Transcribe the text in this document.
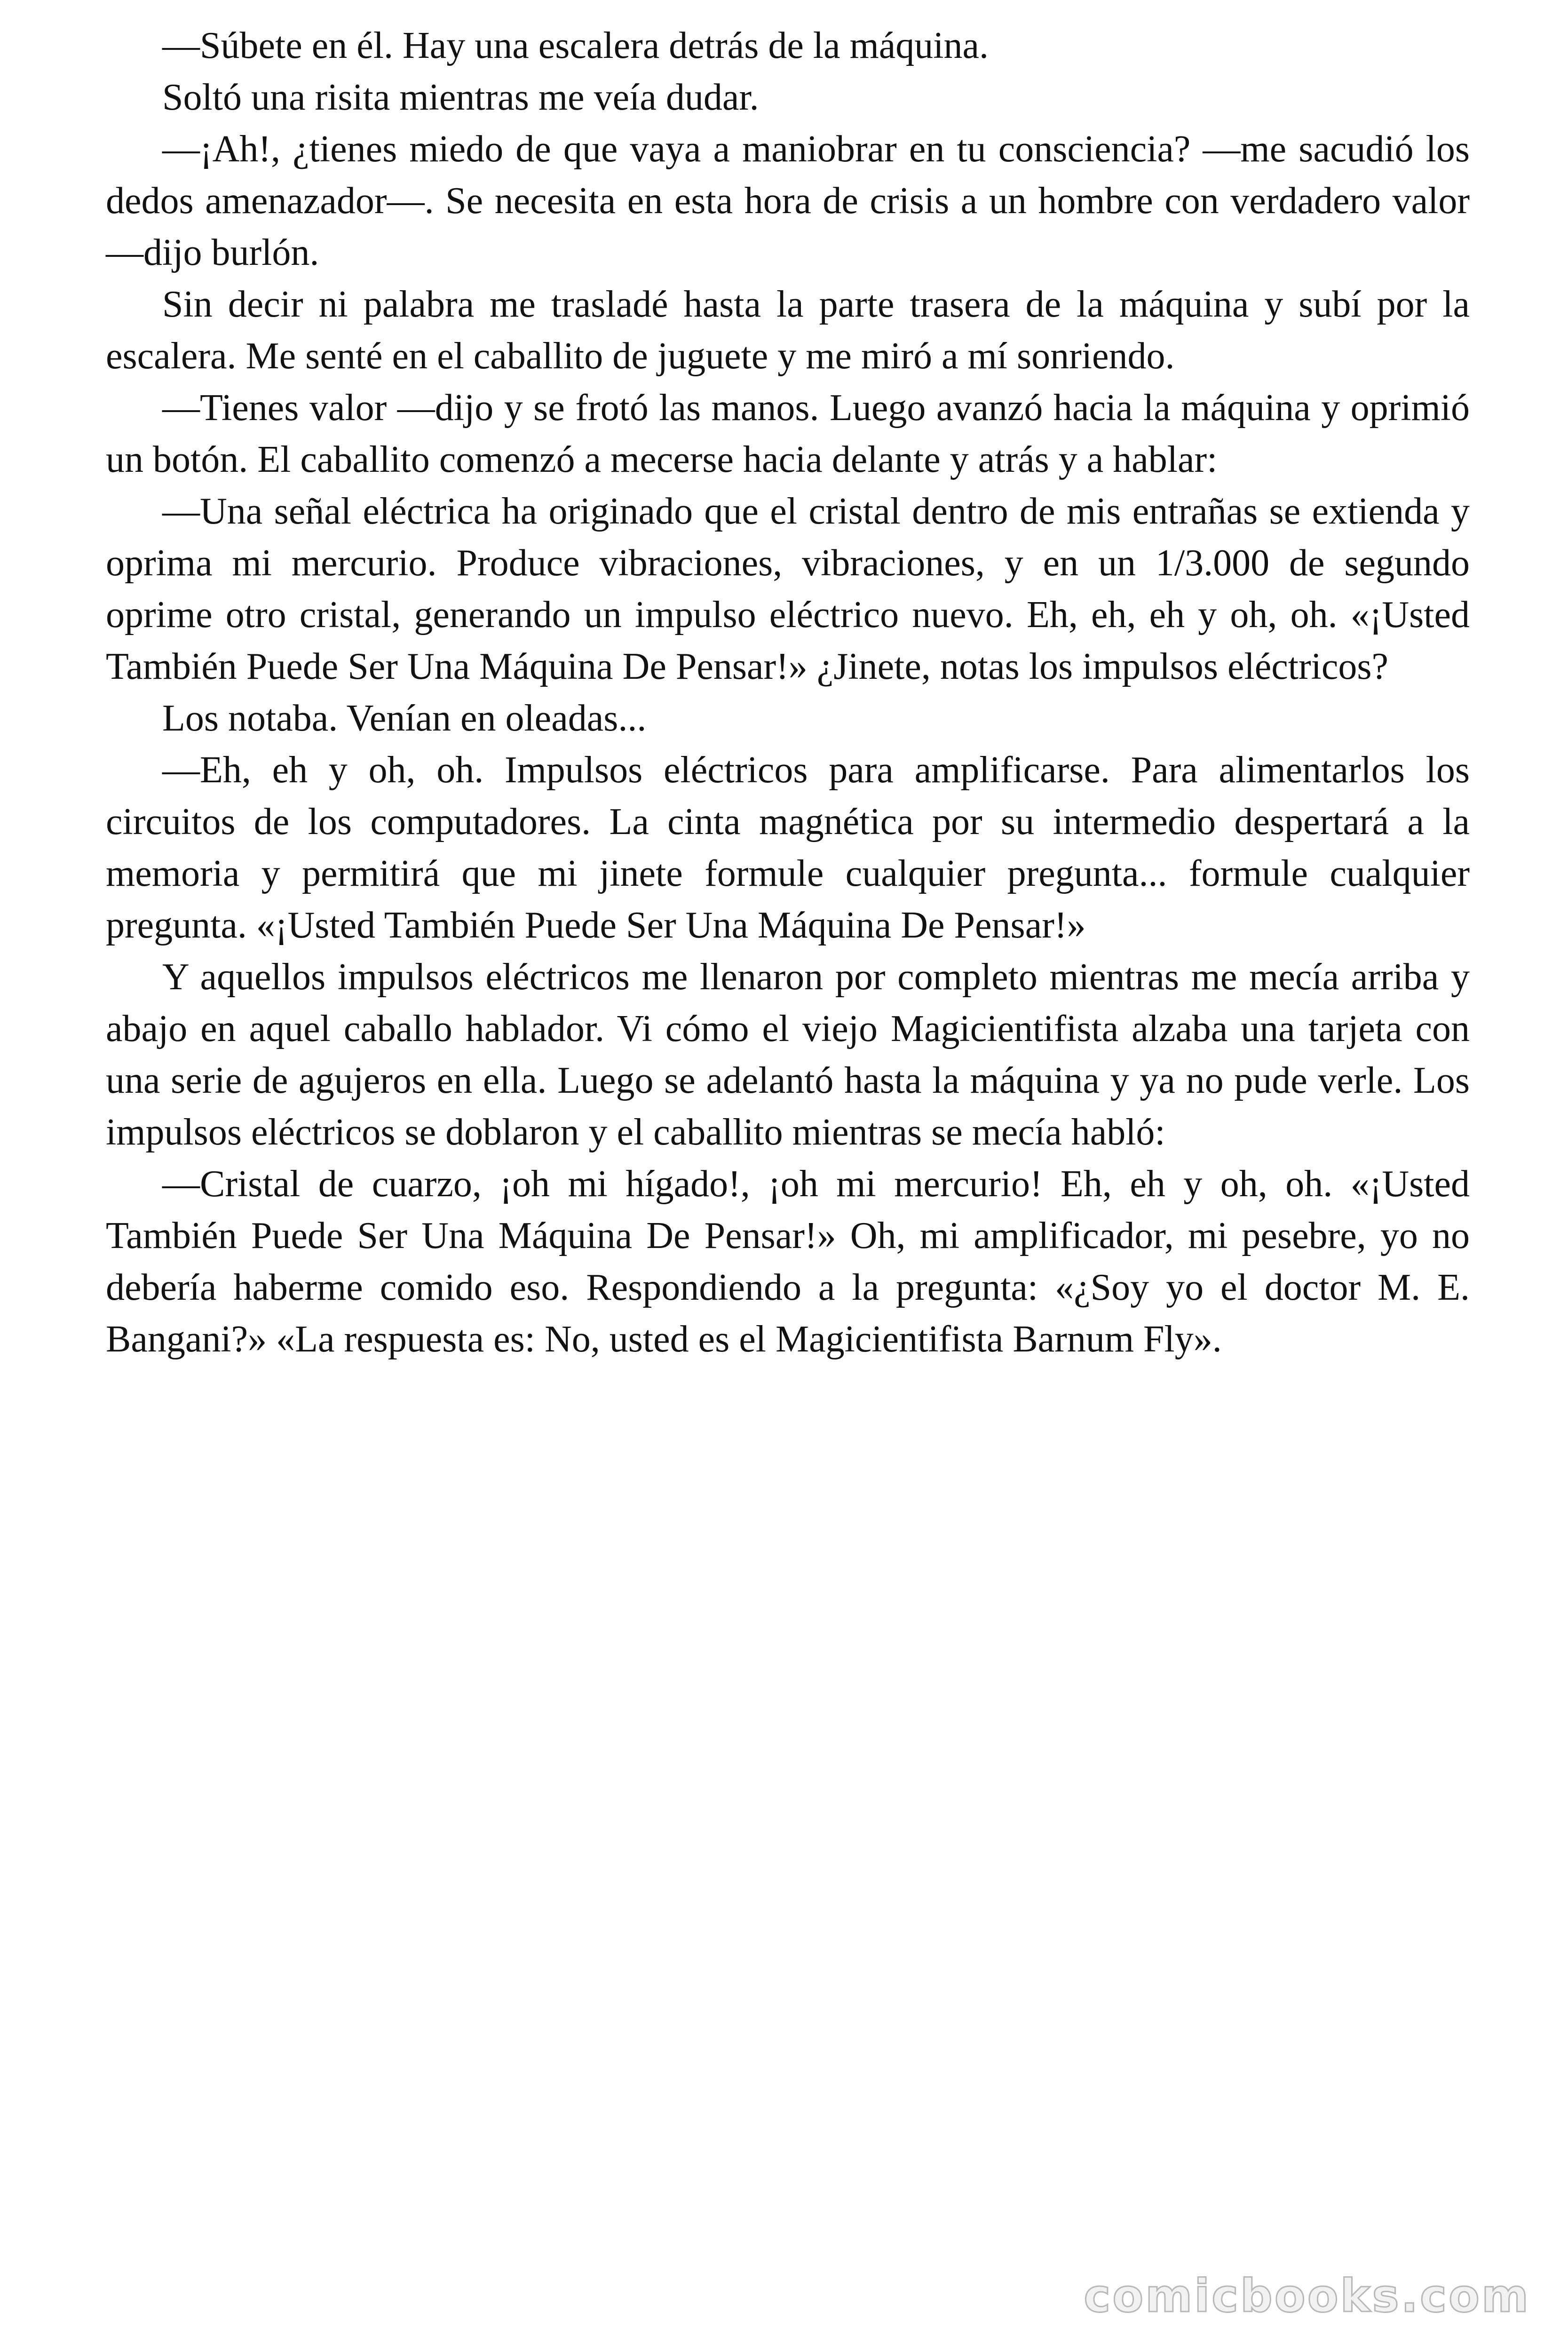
—Súbete en él. Hay una escalera detrás de la máquina.

Soltó una risita mientras me veía dudar.

—¡Ah!, ¿tienes miedo de que vaya a maniobrar en tu consciencia? —me sacudió los dedos amenazador—. Se necesita en esta hora de crisis a un hombre con verdadero valor —dijo burlón.

Sin decir ni palabra me trasladé hasta la parte trasera de la máquina y subí por la escalera. Me senté en el caballito de juguete y me miró a mí sonriendo.

—Tienes valor —dijo y se frotó las manos. Luego avanzó hacia la máquina y oprimió un botón. El caballito comenzó a mecerse hacia delante y atrás y a hablar:

—Una señal eléctrica ha originado que el cristal dentro de mis entrañas se extienda y oprima mi mercurio. Produce vibraciones, vibraciones, y en un 1/3.000 de segundo oprime otro cristal, generando un impulso eléctrico nuevo. Eh, eh, eh y oh, oh. «¡Usted También Puede Ser Una Máquina De Pensar!» ¿Jinete, notas los impulsos eléctricos?

Los notaba. Venían en oleadas...

—Eh, eh y oh, oh. Impulsos eléctricos para amplificarse. Para alimentarlos los circuitos de los computadores. La cinta magnética por su intermedio despertará a la memoria y permitirá que mi jinete formule cualquier pregunta... formule cualquier pregunta. «¡Usted También Puede Ser Una Máquina De Pensar!»

Y aquellos impulsos eléctricos me llenaron por completo mientras me mecía arriba y abajo en aquel caballo hablador. Vi cómo el viejo Magicientifista alzaba una tarjeta con una serie de agujeros en ella. Luego se adelantó hasta la máquina y ya no pude verle. Los impulsos eléctricos se doblaron y el caballito mientras se mecía habló:

—Cristal de cuarzo, ¡oh mi hígado!, ¡oh mi mercurio! Eh, eh y oh, oh. «¡Usted También Puede Ser Una Máquina De Pensar!» Oh, mi amplificador, mi pesebre, yo no debería haberme comido eso. Respondiendo a la pregunta: «¿Soy yo el doctor M. E. Bangani?» «La respuesta es: No, usted es el Magicientifista Barnum Fly».

comicbooks.com
